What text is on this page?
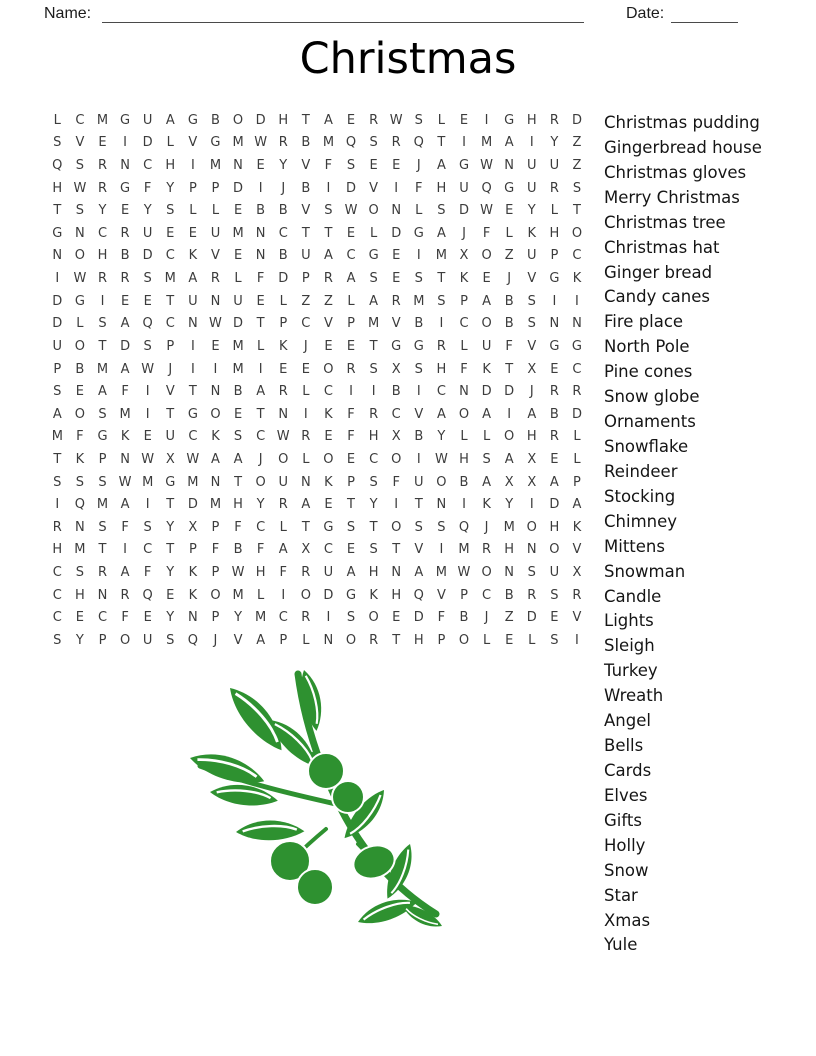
Name:	Date:
Christmas
L	C M G U	A	G	B	O D H	T	A	E	R W S	L	E	I	G H	R	D
S	V	E	I	D	L	V	G M W R	B M Q	S	R Q	T	I	M A	I	Y	Z
Q	S	R	N	C	H	I	M N	E	Y	V	F	S	E	E	J	A	G W N U	U	Z
H W R	G	F	Y	P	P	D	I	J	B	I	D	V	I	F	H U Q G U	R	S
T	S	Y	E	Y	S	L	L	E	B	B	V	S W O N	L	S	D W E	Y	L	T
G N	C	R	U	E	E	U M N	C	T	T	E	L	D G	A	J	F	L	K	H O
N O H	B	D	C	K	V	E	N	B	U	A	C	G	E	I	M X	O	Z	U	P	C
I	W R	R	S M A	R	L	F	D	P	R	A	S	E	S	T	K	E	J	V	G	K
D G	I	E	E	T	U N U	E	L	Z	Z	L	A	R M S	P	A	B	S	I	I
D	L	S	A	Q C	N W D	T	P	C	V	P	M V	B	I	C O	B	S	N N
U O	T	D	S	P	I	E M	L	K	J	E	E	T	G G	R	L	U	F	V	G G
P	B M A W	J	I	I	M	I	E	E	O R	S	X	S	H	F	K	T	X	E	C
S	E	A	F	I	V	T	N	B	A	R	L	C	I	I	B	I	C	N D D	J	R	R
A	O	S M	I	T	G O	E	T	N	I	K	F	R	C	V	A	O	A	I	A	B	D
M	F	G	K	E	U	C	K	S	C W R	E	F	H	X	B	Y	L	L	O H	R	L
T	K	P	N W X W A	A	J	O	L	O	E	C O	I	W H	S	A	X	E	L
S	S	S W M G M N	T	O U N	K	P	S	F	U O	B	A	X	X	A	P
I	Q M A	I	T	D M H	Y	R	A	E	T	Y	I	T	N	I	K	Y	I	D	A
R	N	S	F	S	Y	X	P	F	C	L	T	G	S	T	O	S	S	Q	J	M O H	K
H M	T	I	C	T	P	F	B	F	A	X	C	E	S	T	V	I	M R	H N O	V
C	S	R	A	F	Y	K	P W H	F	R	U	A	H N	A M W O N	S	U	X
C	H N	R Q	E	K	O M	L	I	O D G	K	H Q	V	P	C	B	R	S	R
C	E	C	F	E	Y	N	P	Y	M C	R	I	S	O	E	D	F	B	J	Z	D	E	V
S	Y	P	O U	S	Q	J	V	A	P	L	N O R	T	H	P	O	L	E	L	S	I
Christmas pudding
Gingerbread house
Christmas gloves
Merry Christmas
Christmas tree
Christmas hat
Ginger bread
Candy canes
Fire place
North Pole
Pine cones
Snow globe
Ornaments
Snowflake
Reindeer
Stocking
Chimney
Mittens
Snowman
Candle
Lights
Sleigh
Turkey
Wreath
Angel
Bells
Cards
Elves
Gifts
Holly
Snow
Star
Xmas
Yule
